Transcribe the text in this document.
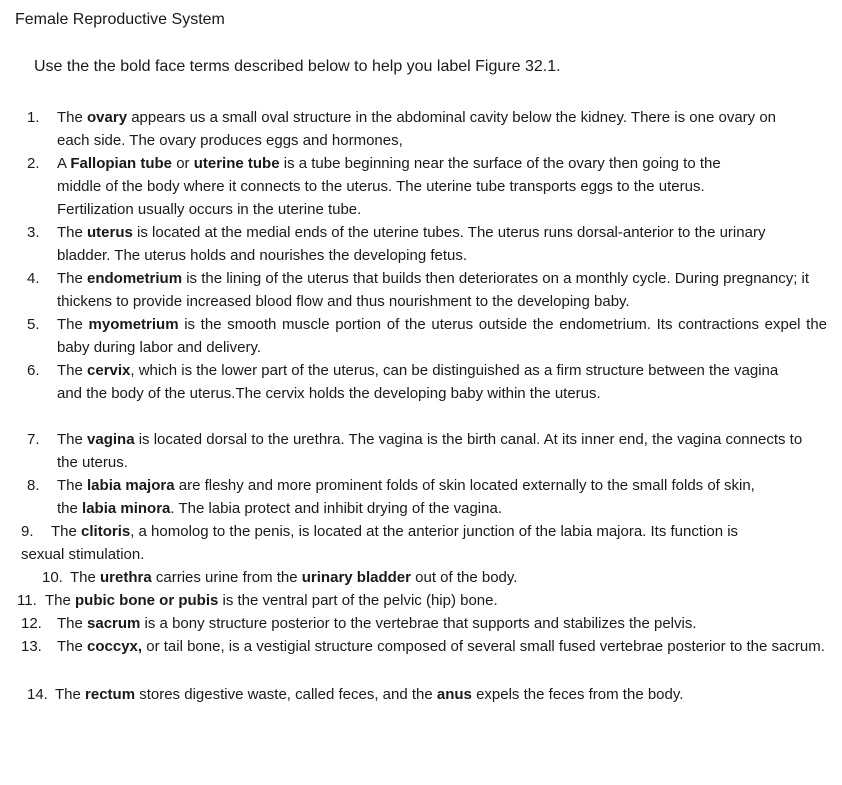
Female Reproductive System
Use the the bold face terms described below to help you label Figure 32.1.
1. The ovary appears us a small oval structure in the abdominal cavity below the kidney. There is one ovary on each side. The ovary produces eggs and hormones,
2. A Fallopian tube or uterine tube is a tube beginning near the surface of the ovary then going to the middle of the body where it connects to the uterus. The uterine tube transports eggs to the uterus. Fertilization usually occurs in the uterine tube.
3. The uterus is located at the medial ends of the uterine tubes. The uterus runs dorsal-anterior to the urinary bladder. The uterus holds and nourishes the developing fetus.
4. The endometrium is the lining of the uterus that builds then deteriorates on a monthly cycle. During pregnancy; it thickens to provide increased blood flow and thus nourishment to the developing baby.
5. The myometrium is the smooth muscle portion of the uterus outside the endometrium. Its contractions expel the baby during labor and delivery.
6. The cervix, which is the lower part of the uterus, can be distinguished as a firm structure between the vagina and the body of the uterus.The cervix holds the developing baby within the uterus.
7. The vagina is located dorsal to the urethra. The vagina is the birth canal. At its inner end, the vagina connects to the uterus.
8. The labia majora are fleshy and more prominent folds of skin located externally to the small folds of skin, the labia minora. The labia protect and inhibit drying of the vagina.
9.	The clitoris, a homolog to the penis, is located at the anterior junction of the labia majora. Its function is sexual stimulation.
10. The urethra carries urine from the urinary bladder out of the body.
11. The pubic bone or pubis is the ventral part of the pelvic (hip) bone.
12. The sacrum is a bony structure posterior to the vertebrae that supports and stabilizes the pelvis.
13. The coccyx, or tail bone, is a vestigial structure composed of several small fused vertebrae posterior to the sacrum.
14. The rectum stores digestive waste, called feces, and the anus expels the feces from the body.
